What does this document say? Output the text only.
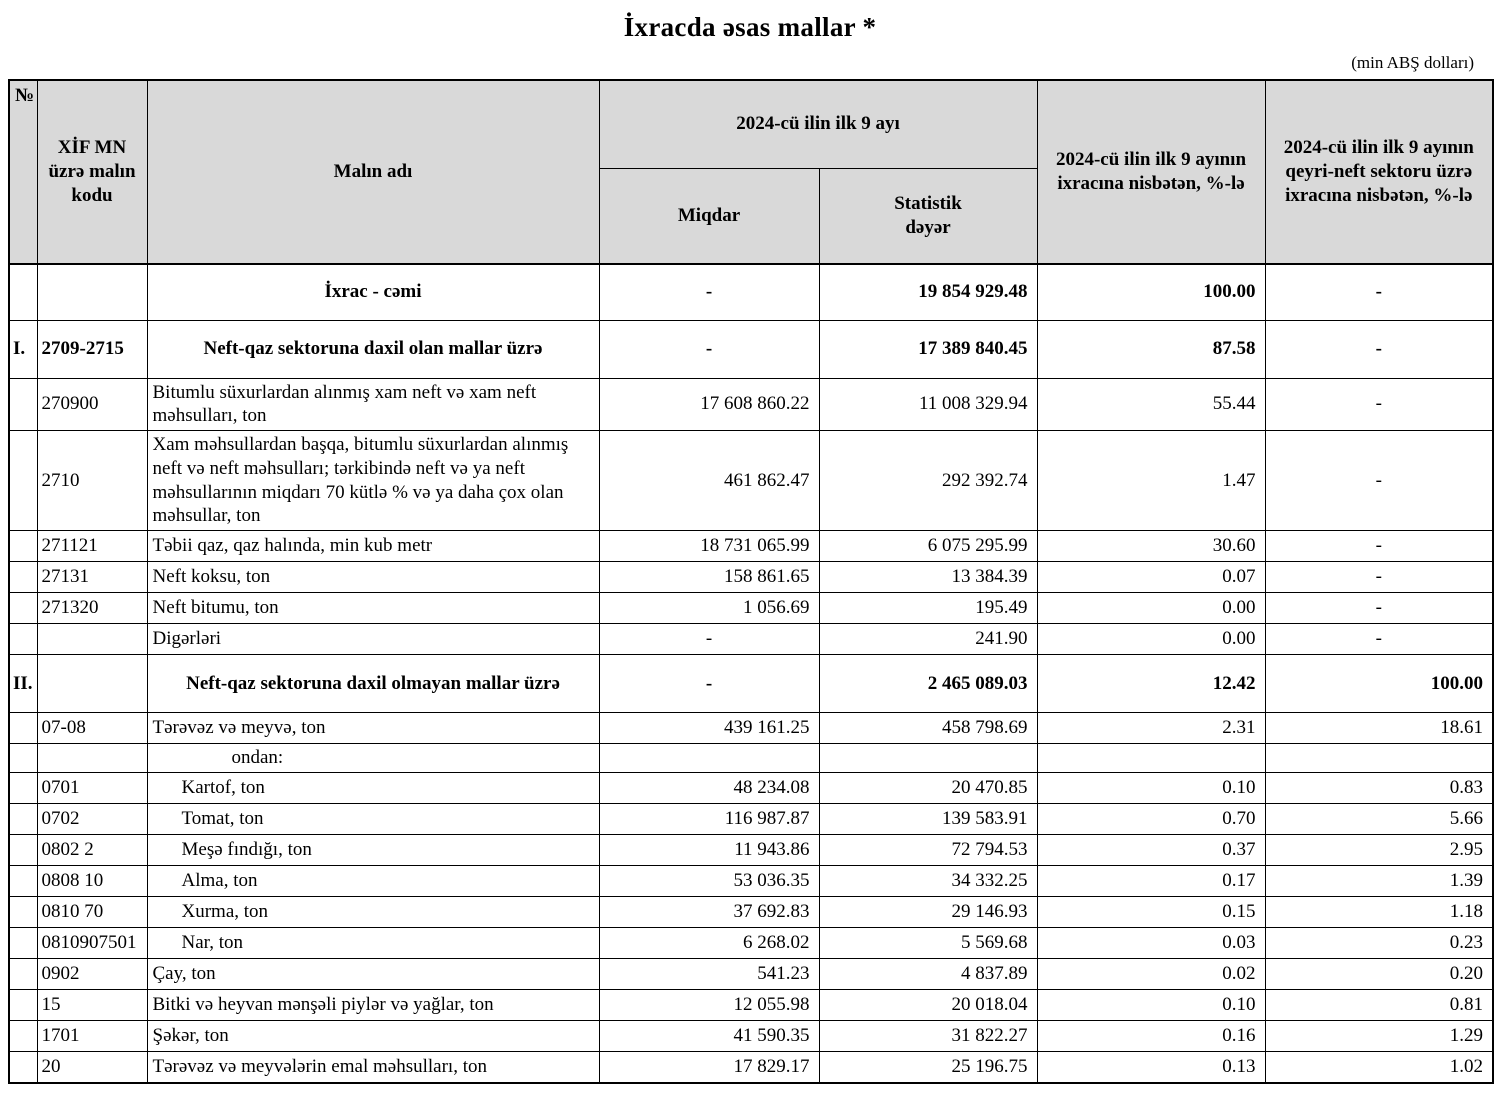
İxracda əsas mallar *
(min ABŞ dolları)
№	XİF MN üzrə malın kodu	Malın adı	2024-cü ilin ilk 9 ayı		2024-cü ilin ilk 9 ayının ixracına nisbətən, %-lə	2024-cü ilin ilk 9 ayının qeyri-neft sektoru üzrə ixracına nisbətən, %-lə
			Miqdar	Statistik dəyər		
		İxrac - cəmi	-	19 854 929.48	100.00	-
I.	2709-2715	Neft-qaz sektoruna daxil olan mallar üzrə	-	17 389 840.45	87.58	-
	270900	Bitumlu süxurlardan alınmış xam neft və xam neft məhsulları, ton	17 608 860.22	11 008 329.94	55.44	-
	2710	Xam məhsullardan başqa, bitumlu süxurlardan alınmış neft və neft məhsulları; tərkibində neft və ya neft məhsullarının miqdarı 70 kütlə % və ya daha çox olan məhsullar, ton	461 862.47	292 392.74	1.47	-
	271121	Təbii qaz, qaz halında, min kub metr	18 731 065.99	6 075 295.99	30.60	-
	27131	Neft koksu, ton	158 861.65	13 384.39	0.07	-
	271320	Neft bitumu, ton	1 056.69	195.49	0.00	-
		Digərləri	-	241.90	0.00	-
II.		Neft-qaz sektoruna daxil olmayan mallar üzrə	-	2 465 089.03	12.42	100.00
	07-08	Tərəvəz və meyvə, ton	439 161.25	458 798.69	2.31	18.61
		ondan:				
	0701	Kartof, ton	48 234.08	20 470.85	0.10	0.83
	0702	Tomat, ton	116 987.87	139 583.91	0.70	5.66
	0802 2	Meşə fındığı, ton	11 943.86	72 794.53	0.37	2.95
	0808 10	Alma, ton	53 036.35	34 332.25	0.17	1.39
	0810 70	Xurma, ton	37 692.83	29 146.93	0.15	1.18
	0810907501	Nar, ton	6 268.02	5 569.68	0.03	0.23
	0902	Çay, ton	541.23	4 837.89	0.02	0.20
	15	Bitki və heyvan mənşəli piylər və yağlar, ton	12 055.98	20 018.04	0.10	0.81
	1701	Şəkər, ton	41 590.35	31 822.27	0.16	1.29
	20	Tərəvəz və meyvələrin emal məhsulları, ton	17 829.17	25 196.75	0.13	1.02
